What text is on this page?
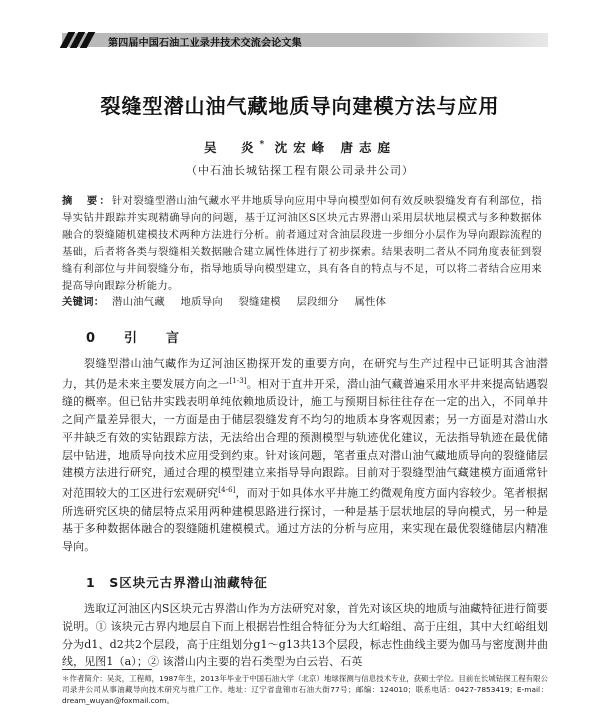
第四届中国石油工业录井技术交流会论文集
裂缝型潜山油气藏地质导向建模方法与应用
吴　炎* 沈宏峰 唐志庭
（中石油长城钻探工程有限公司录井公司）
摘　要：针对裂缝型潜山油气藏水平井地质导向应用中导向模型如何有效反映裂缝发育有利部位，指导实钻井跟踪并实现精确导向的问题，基于辽河油区S区块元古界潜山采用层状地层模式与多种数据体融合的裂缝随机建模技术两种方法进行分析。前者通过对含油层段进一步细分小层作为导向跟踪流程的基础，后者将各类与裂缝相关数据融合建立属性体进行了初步探索。结果表明二者从不同角度表征到裂缝有利部位与井间裂缝分布，指导地质导向模型建立，具有各自的特点与不足，可以将二者结合应用来提高导向跟踪分析能力。
关键词： 潜山油气藏 地质导向 裂缝建模 层段细分 属性体
0　引　言

裂缝型潜山油气藏作为辽河油区勘探开发的重要方向，在研究与生产过程中已证明其含油潜力，其仍是未来主要发展方向之一[1-3]。相对于直井开采，潜山油气藏普遍采用水平井来提高钻遇裂缝的概率。但已钻井实践表明单纯依赖地质设计，施工与预期目标往往存在一定的出入，不同单井之间产量差异很大，一方面是由于储层裂缝发育不均匀的地质本身客观因素；另一方面是对潜山水平井缺乏有效的实钻跟踪方法，无法给出合理的预测模型与轨迹优化建议，无法指导轨迹在最优储层中钻进，地质导向技术应用受到约束。针对该问题，笔者重点对潜山油气藏地质导向的裂缝储层建模方法进行研究，通过合理的模型建立来指导导向跟踪。目前对于裂缝型油气藏建模方面通常针对范围较大的工区进行宏观研究[4-6]，而对于如具体水平井施工约微观角度方面内容较少。笔者根据所选研究区块的储层特点采用两种建模思路进行探讨，一种是基于层状地层的导向模式，另一种是基于多种数据体融合的裂缝随机建模模式。通过方法的分析与应用，来实现在最优裂缝储层内精准导向。

1　S区块元古界潜山油藏特征

选取辽河油区内S区块元古界潜山作为方法研究对象，首先对该区块的地质与油藏特征进行简要说明。① 该块元古界内地层自下而上根据岩性组合特征分为大红峪组、高于庄组，其中大红峪组划分为d1、d2共2个层段，高于庄组划分g1～g13共13个层段，标志性曲线主要为伽马与密度测井曲线，见图1（a）；② 该潜山内主要的岩石类型为白云岩、石英

＊作者简介：吴炎，工程师，1987年生，2013年毕业于中国石油大学（北京）地球探测与信息技术专业，获硕士学位。目前在长城钻探工程有限公司录井公司从事油藏导向技术研究与推广工作。地址：辽宁省盘锦市石油大街77号；邮编：124010；联系电话：0427-7853419；E-mail：dream_wuyan@foxmail.com。
